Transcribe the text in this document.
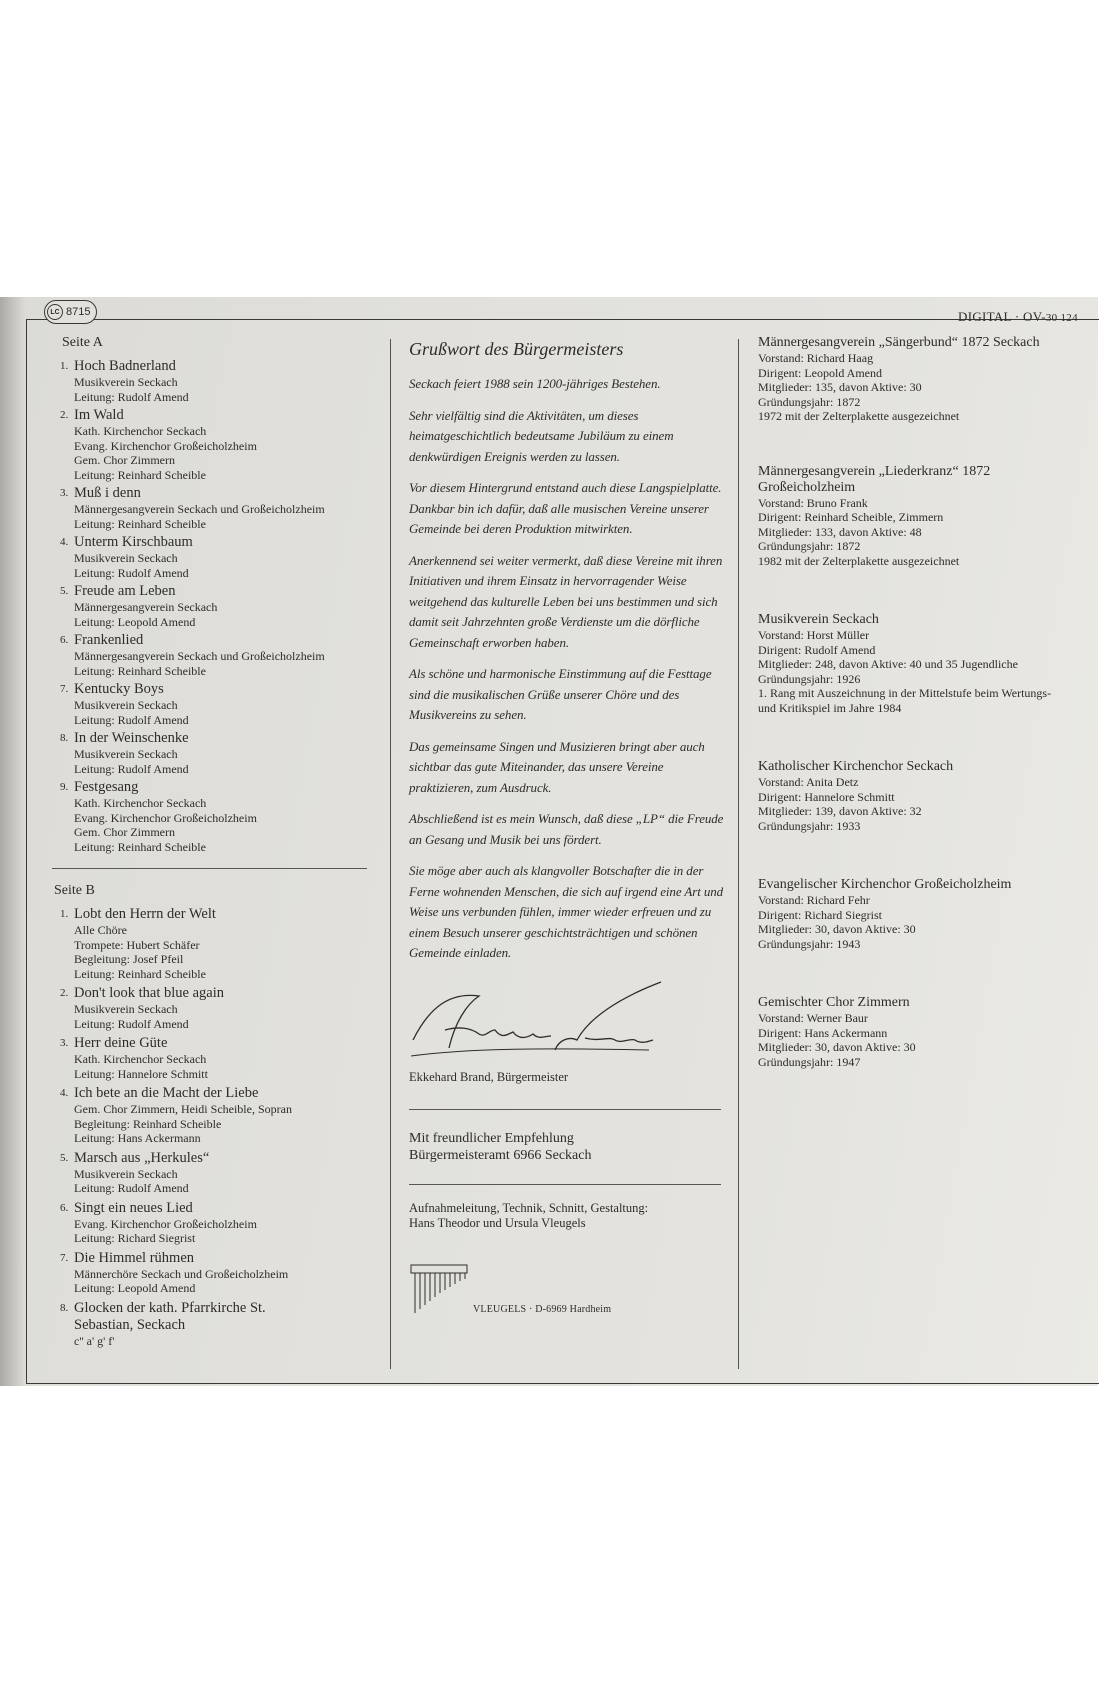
LC 8715	DIGITAL · OV-30 124
Seite A
1. Hoch Badnerland
Musikverein Seckach
Leitung: Rudolf Amend
2. Im Wald
Kath. Kirchenchor Seckach
Evang. Kirchenchor Großeicholzheim
Gem. Chor Zimmern
Leitung: Reinhard Scheible
3. Muß i denn
Männergesangverein Seckach und Großeicholzheim
Leitung: Reinhard Scheible
4. Unterm Kirschbaum
Musikverein Seckach
Leitung: Rudolf Amend
5. Freude am Leben
Männergesangverein Seckach
Leitung: Leopold Amend
6. Frankenlied
Männergesangverein Seckach und Großeicholzheim
Leitung: Reinhard Scheible
7. Kentucky Boys
Musikverein Seckach
Leitung: Rudolf Amend
8. In der Weinschenke
Musikverein Seckach
Leitung: Rudolf Amend
9. Festgesang
Kath. Kirchenchor Seckach
Evang. Kirchenchor Großeicholzheim
Gem. Chor Zimmern
Leitung: Reinhard Scheible
Seite B
1. Lobt den Herrn der Welt
Alle Chöre
Trompete: Hubert Schäfer
Begleitung: Josef Pfeil
Leitung: Reinhard Scheible
2. Don't look that blue again
Musikverein Seckach
Leitung: Rudolf Amend
3. Herr deine Güte
Kath. Kirchenchor Seckach
Leitung: Hannelore Schmitt
4. Ich bete an die Macht der Liebe
Gem. Chor Zimmern, Heidi Scheible, Sopran
Begleitung: Reinhard Scheible
Leitung: Hans Ackermann
5. Marsch aus „Herkules“
Musikverein Seckach
Leitung: Rudolf Amend
6. Singt ein neues Lied
Evang. Kirchenchor Großeicholzheim
Leitung: Richard Siegrist
7. Die Himmel rühmen
Männerchöre Seckach und Großeicholzheim
Leitung: Leopold Amend
8. Glocken der kath. Pfarrkirche St. Sebastian, Seckach
c'' a' g' f'
Grußwort des Bürgermeisters

Seckach feiert 1988 sein 1200-jähriges Bestehen.

Sehr vielfältig sind die Aktivitäten, um dieses heimatgeschichtlich bedeutsame Jubiläum zu einem denkwürdigen Ereignis werden zu lassen.

Vor diesem Hintergrund entstand auch diese Langspielplatte. Dankbar bin ich dafür, daß alle musischen Vereine unserer Gemeinde bei deren Produktion mitwirkten.

Anerkennend sei weiter vermerkt, daß diese Vereine mit ihren Initiativen und ihrem Einsatz in hervorragender Weise weitgehend das kulturelle Leben bei uns bestimmen und sich damit seit Jahrzehnten große Verdienste um die dörfliche Gemeinschaft erworben haben.

Als schöne und harmonische Einstimmung auf die Festtage sind die musikalischen Grüße unserer Chöre und des Musikvereins zu sehen.

Das gemeinsame Singen und Musizieren bringt aber auch sichtbar das gute Miteinander, das unsere Vereine praktizieren, zum Ausdruck.

Abschließend ist es mein Wunsch, daß diese „LP“ die Freude an Gesang und Musik bei uns fördert.

Sie möge aber auch als klangvoller Botschafter die in der Ferne wohnenden Menschen, die sich auf irgend eine Art und Weise uns verbunden fühlen, immer wieder erfreuen und zu einem Besuch unserer geschichtsträchtigen und schönen Gemeinde einladen.

Ekkehard Brand, Bürgermeister
Mit freundlicher Empfehlung
Bürgermeisteramt 6966 Seckach
Aufnahmeleitung, Technik, Schnitt, Gestaltung:
Hans Theodor und Ursula Vleugels
VLEUGELS · D-6969 Hardheim
Männergesangverein „Sängerbund“ 1872 Seckach
Vorstand: Richard Haag
Dirigent: Leopold Amend
Mitglieder: 135, davon Aktive: 30
Gründungsjahr: 1872
1972 mit der Zelterplakette ausgezeichnet
Männergesangverein „Liederkranz“ 1872 Großeicholzheim
Vorstand: Bruno Frank
Dirigent: Reinhard Scheible, Zimmern
Mitglieder: 133, davon Aktive: 48
Gründungsjahr: 1872
1982 mit der Zelterplakette ausgezeichnet
Musikverein Seckach
Vorstand: Horst Müller
Dirigent: Rudolf Amend
Mitglieder: 248, davon Aktive: 40 und 35 Jugendliche
Gründungsjahr: 1926
1. Rang mit Auszeichnung in der Mittelstufe beim Wertungs- und Kritikspiel im Jahre 1984
Katholischer Kirchenchor Seckach
Vorstand: Anita Detz
Dirigent: Hannelore Schmitt
Mitglieder: 139, davon Aktive: 32
Gründungsjahr: 1933
Evangelischer Kirchenchor Großeicholzheim
Vorstand: Richard Fehr
Dirigent: Richard Siegrist
Mitglieder: 30, davon Aktive: 30
Gründungsjahr: 1943
Gemischter Chor Zimmern
Vorstand: Werner Baur
Dirigent: Hans Ackermann
Mitglieder: 30, davon Aktive: 30
Gründungsjahr: 1947
